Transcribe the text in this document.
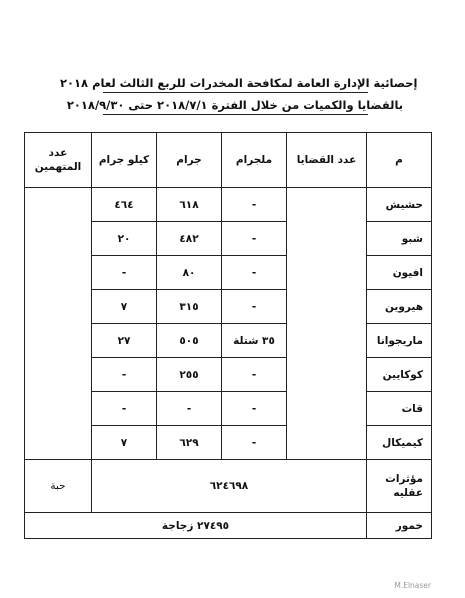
إحصائية الإدارة العامة لمكافحة المخدرات للربع الثالث لعام ٢٠١٨
بالقضايا والكميات من خلال الفترة ٢٠١٨/٧/١ حتى ٢٠١٨/٩/٣٠
م	عدد القضايا	ملجرام	جرام	كيلو جرام	عدد
المتهمين

حشيش		-	٦١٨	٤٦٤	
شبو		-	٤٨٢	٢٠	
افيون		-	٨٠	-	
هيروين		-	٣١٥	٧	
ماريجوانا		٣٥ شتلة	٥٠٥	٢٧	
كوكايين		-	٢٥٥	-	
قات		-	-	-	
كيميكال		-	٦٢٩	٧	

مؤثرات
عقليه	٦٢٤٦٩٨				حبة
خمور	٢٧٤٩٥ زجاجة				
M.Elnaser
